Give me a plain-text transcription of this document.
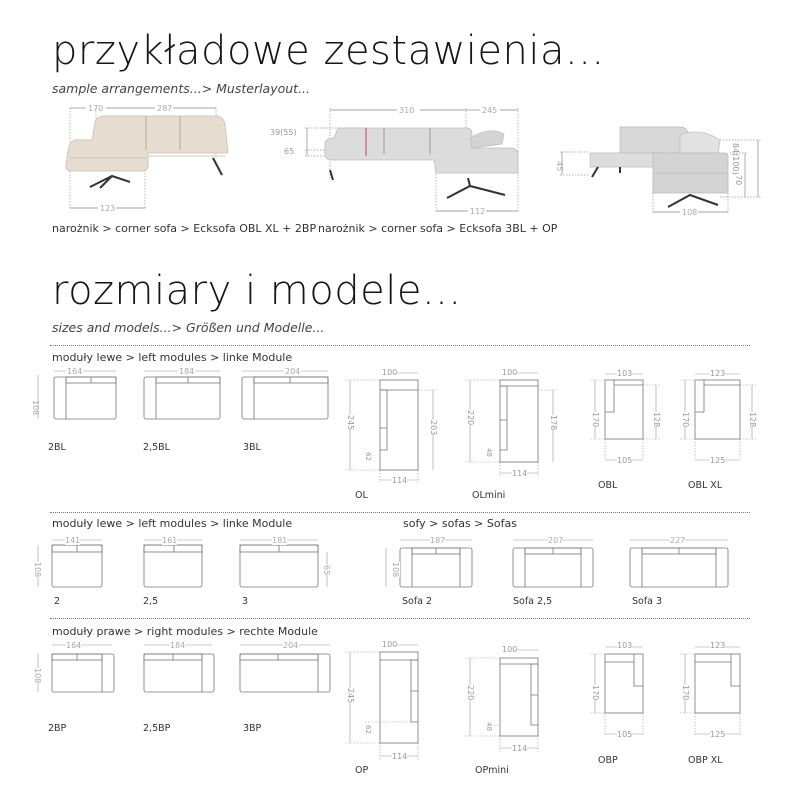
przykładowe zestawienia...
sample arrangements...> Musterlayout...
170	287
123
narożnik > corner sofa > Ecksofa OBL XL + 2BP
310	245
112
39(55)
65
narożnik > corner sofa > Ecksofa 3BL + OP
45
108
84(100)
70
rozmiary i modele...
sizes and models...> Größen und Modelle...
moduły lewe > left modules > linke Module
164
108
2BL
184
2,5BL
204
3BL
100
114
245	203
62
OL
100
114
220	178
48
OLmini
103
105
170	128
OBL
123
125
170	128
OBL XL
moduły lewe > left modules > linke Module
141	161	181
108	65
2	2,5	3
sofy > sofas > Sofas
187	207	227
108
Sofa 2	Sofa 2,5	Sofa 3
moduły prawe > right modules > rechte Module
164	184	204
108
2BP	2,5BP	3BP
100
114
245
62
OP
100
114
220
48
OPmini
103
105
170
OBP
123
125
170
OBP XL
